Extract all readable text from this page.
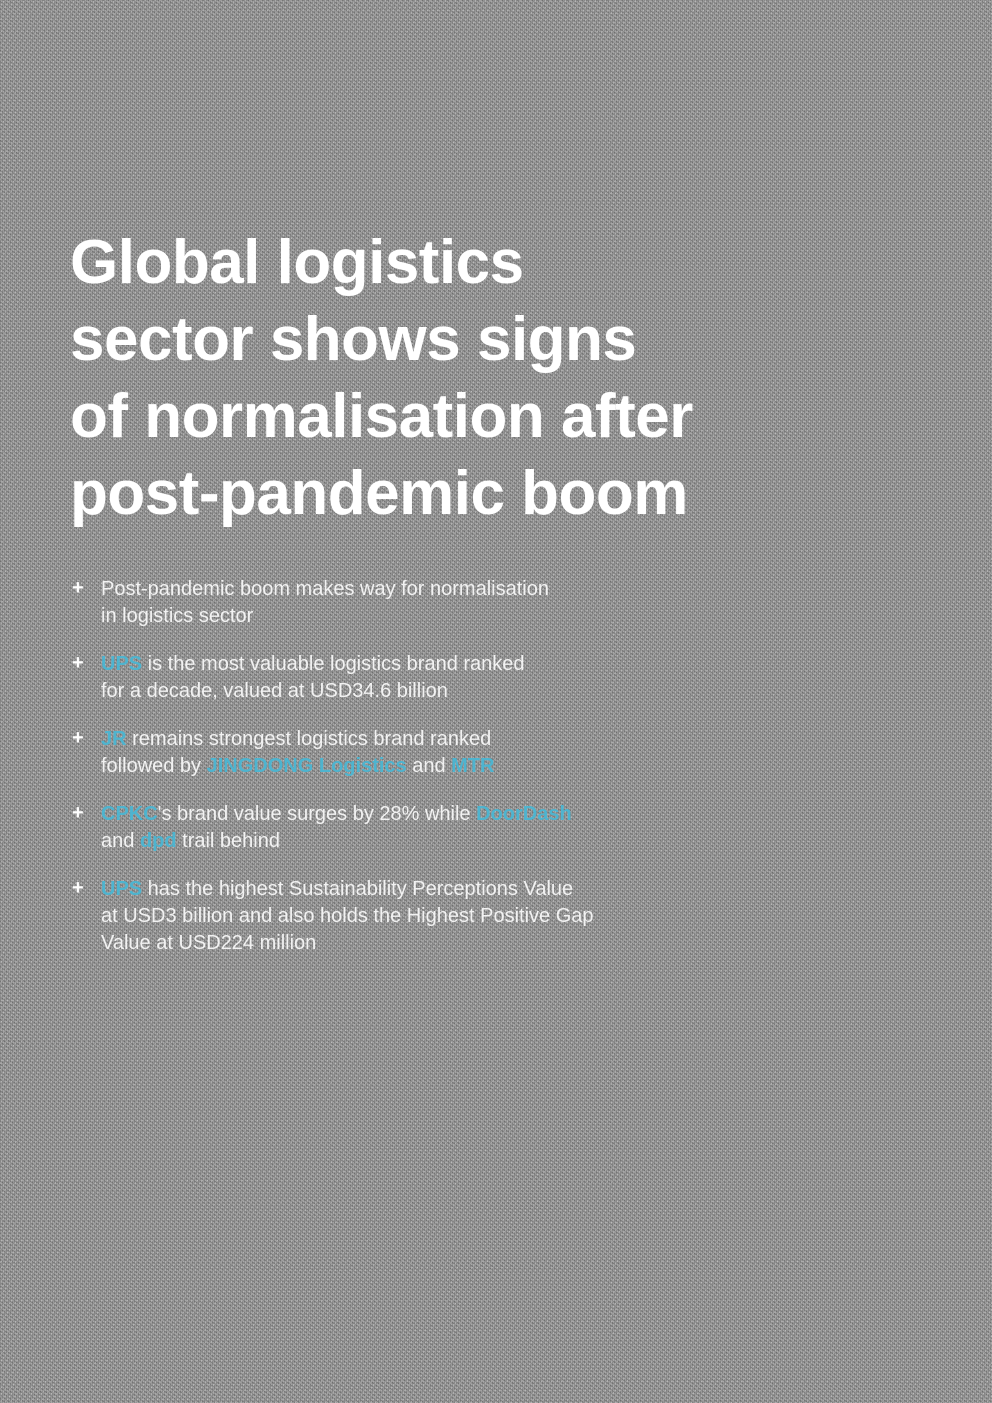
Global logistics
sector shows signs
of normalisation after
post-pandemic boom
+ Post-pandemic boom makes way for normalisation
in logistics sector
+ UPS is the most valuable logistics brand ranked
for a decade, valued at USD34.6 billion
+ JR remains strongest logistics brand ranked
followed by JINGDONG Logistics and MTR
+ CPKC's brand value surges by 28% while DoorDash
and dpd trail behind
+ UPS has the highest Sustainability Perceptions Value
at USD3 billion and also holds the Highest Positive Gap
Value at USD224 million
